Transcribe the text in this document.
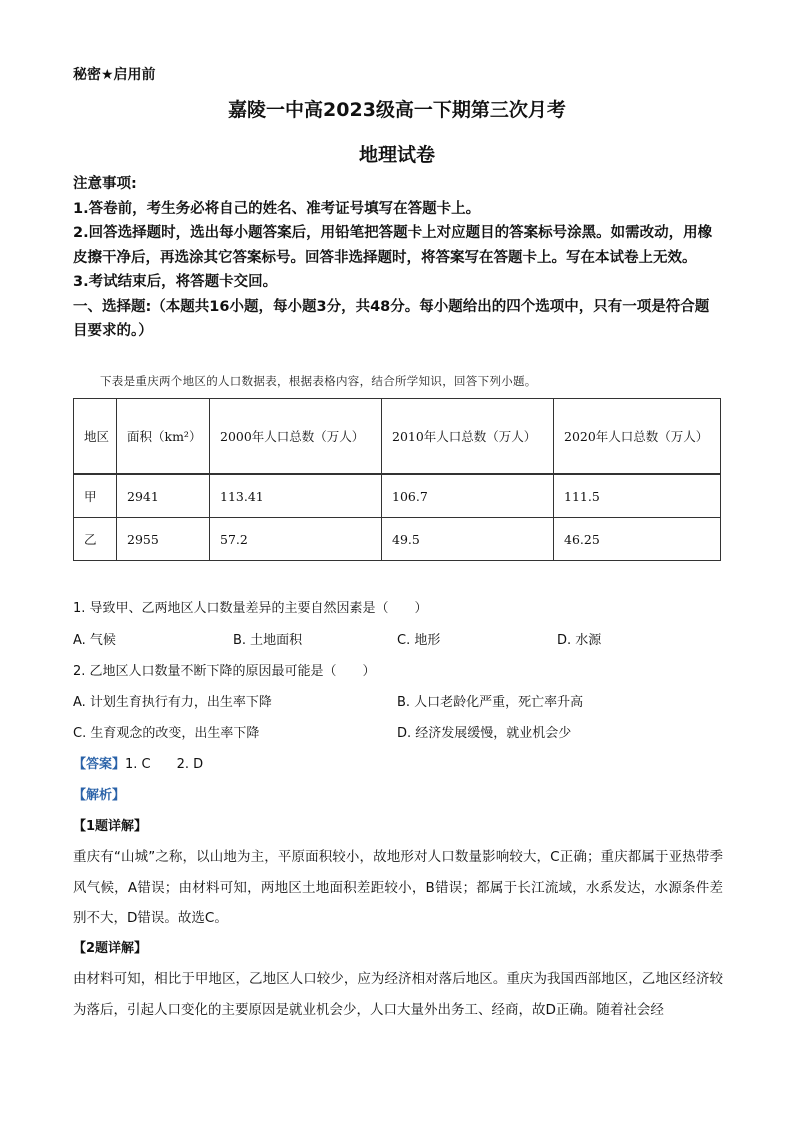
秘密★启用前
嘉陵一中高2023级高一下期第三次月考
地理试卷

注意事项:

1.答卷前，考生务必将自己的姓名、准考证号填写在答题卡上。

2.回答选择题时，选出每小题答案后，用铅笔把答题卡上对应题目的答案标号涂黑。如需改动，用橡皮擦干净后，再选涂其它答案标号。回答非选择题时，将答案写在答题卡上。写在本试卷上无效。

3.考试结束后，将答题卡交回。

一、选择题:（本题共16小题，每小题3分，共48分。每小题给出的四个选项中，只有一项是符合题目要求的。）

下表是重庆两个地区的人口数据表，根据表格内容，结合所学知识，回答下列小题。
地区	面积（km²）	2000年人口总数（万人）	2010年人口总数（万人）	2020年人口总数（万人）

甲	2941	113.41	106.7	111.5
乙	2955	57.2	49.5	46.25
1. 导致甲、乙两地区人口数量差异的主要自然因素是（　　）
A. 气候	B. 土地面积	C. 地形	D. 水源
2. 乙地区人口数量不断下降的原因最可能是（　　）
A. 计划生育执行有力，出生率下降	B. 人口老龄化严重，死亡率升高
C. 生育观念的改变，出生率下降	D. 经济发展缓慢，就业机会少
【答案】1. C　　2. D
【解析】
【1题详解】

重庆有“山城”之称，以山地为主，平原面积较小，故地形对人口数量影响较大，C正确；重庆都属于亚热带季风气候，A错误；由材料可知，两地区土地面积差距较小，B错误；都属于长江流域，水系发达，水源条件差别不大，D错误。故选C。

【2题详解】

由材料可知，相比于甲地区，乙地区人口较少，应为经济相对落后地区。重庆为我国西部地区，乙地区经济较为落后，引起人口变化的主要原因是就业机会少，人口大量外出务工、经商，故D正确。随着社会经
